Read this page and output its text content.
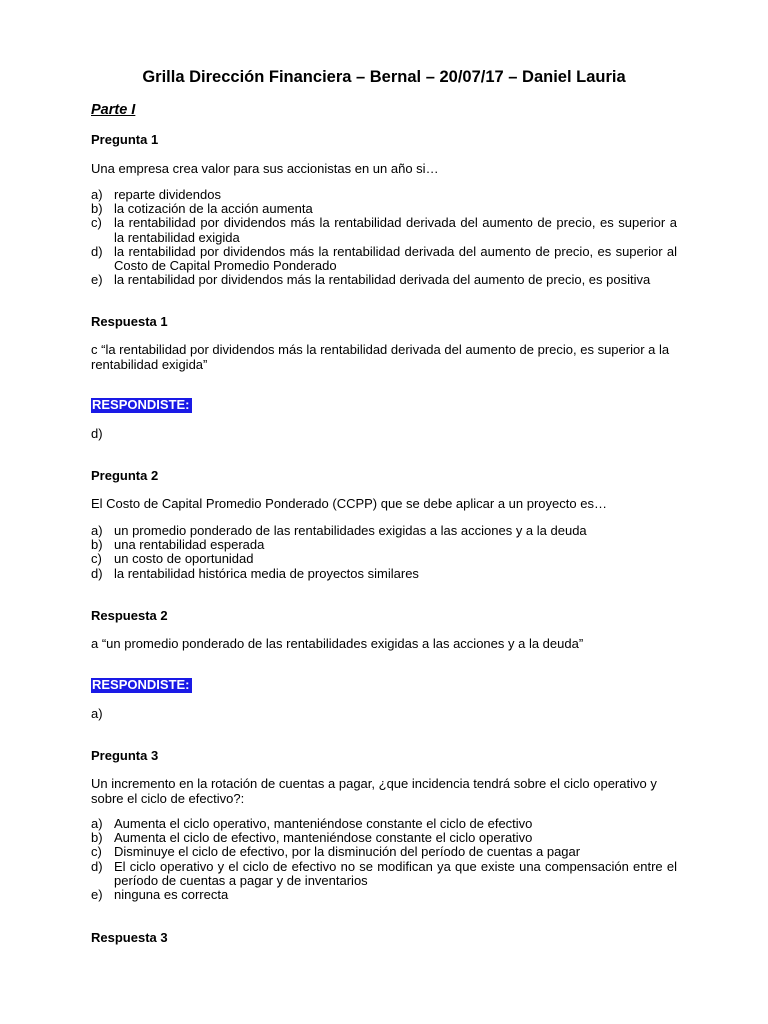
Grilla Dirección Financiera – Bernal – 20/07/17 – Daniel Lauria
Parte I
Pregunta 1
Una empresa crea valor para sus accionistas en un año si…
a) reparte dividendos
b) la cotización de la acción aumenta
c) la rentabilidad por dividendos más la rentabilidad derivada del aumento de precio, es superior a la rentabilidad exigida
d) la rentabilidad por dividendos más la rentabilidad derivada del aumento de precio, es superior al Costo de Capital Promedio Ponderado
e) la rentabilidad por dividendos más la rentabilidad derivada del aumento de precio, es positiva
Respuesta 1
c “la rentabilidad por dividendos más la rentabilidad derivada del aumento de precio, es superior a la rentabilidad exigida”
RESPONDISTE:
d)
Pregunta 2
El Costo de Capital Promedio Ponderado (CCPP) que se debe aplicar a un proyecto es…
a) un promedio ponderado de las rentabilidades exigidas a las acciones y a la deuda
b) una rentabilidad esperada
c) un costo de oportunidad
d) la rentabilidad histórica media de proyectos similares
Respuesta 2
a “un promedio ponderado de las rentabilidades exigidas a las acciones y a la deuda”
RESPONDISTE:
a)
Pregunta 3
Un incremento en la rotación de cuentas a pagar, ¿que incidencia tendrá sobre el ciclo operativo y sobre el ciclo de efectivo?:
a) Aumenta el ciclo operativo, manteniéndose constante el ciclo de efectivo
b) Aumenta el ciclo de efectivo, manteniéndose constante el ciclo operativo
c) Disminuye el ciclo de efectivo, por la disminución del período de cuentas a pagar
d) El ciclo operativo y el ciclo de efectivo no se modifican ya que existe una compensación entre el período de cuentas a pagar y de inventarios
e) ninguna es correcta
Respuesta 3
